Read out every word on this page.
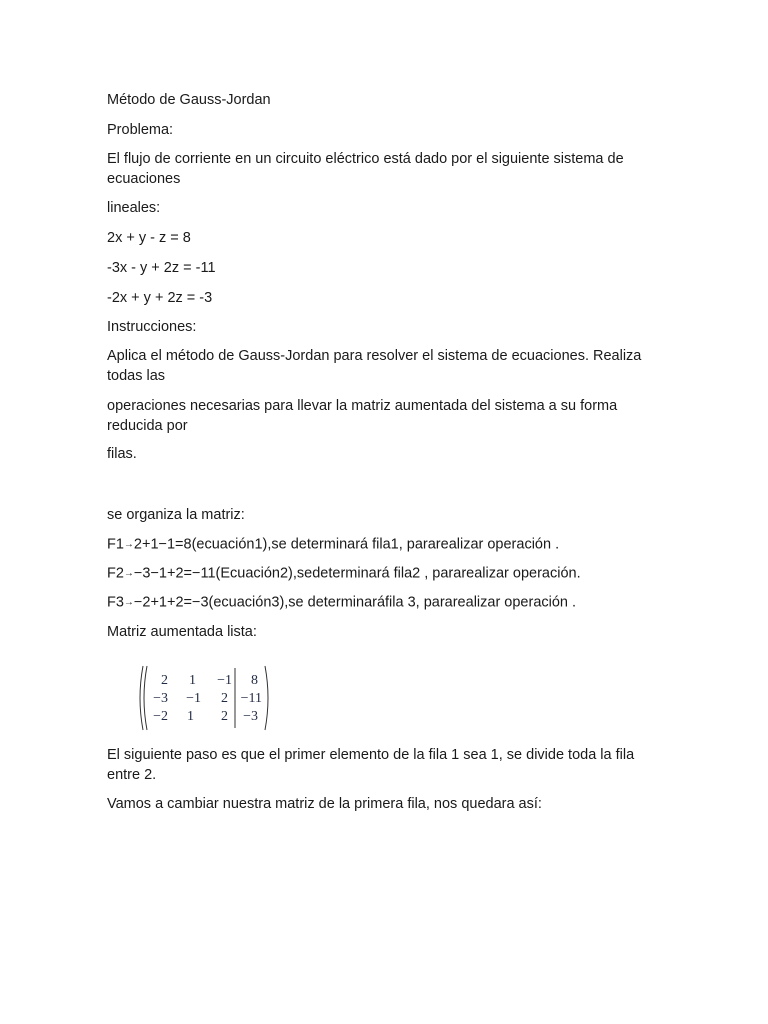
Método de Gauss-Jordan
Problema:
El flujo de corriente en un circuito eléctrico está dado por el siguiente sistema de ecuaciones
lineales:
2x + y - z = 8
-3x - y + 2z = -11
-2x + y + 2z = -3
Instrucciones:
Aplica el método de Gauss-Jordan para resolver el sistema de ecuaciones. Realiza todas las
operaciones necesarias para llevar la matriz aumentada del sistema a su forma reducida por
filas.
se organiza la matriz:
F1→2+1−1=8(ecuación1),se determinará fila1, pararealizar operación .
F2→−3−1+2=−11(Ecuación2),sedeterminará fila2 , pararealizar operación.
F3→−2+1+2=−3(ecuación3),se determinaráfila 3, pararealizar operación .
Matriz aumentada lista:
2	1	−1	8
−3	−1	2 −11
−2	1	2	−3
El siguiente paso es que el primer elemento de la fila 1 sea 1, se divide toda la fila entre 2.
Vamos a cambiar nuestra matriz de la primera fila, nos quedara así:
